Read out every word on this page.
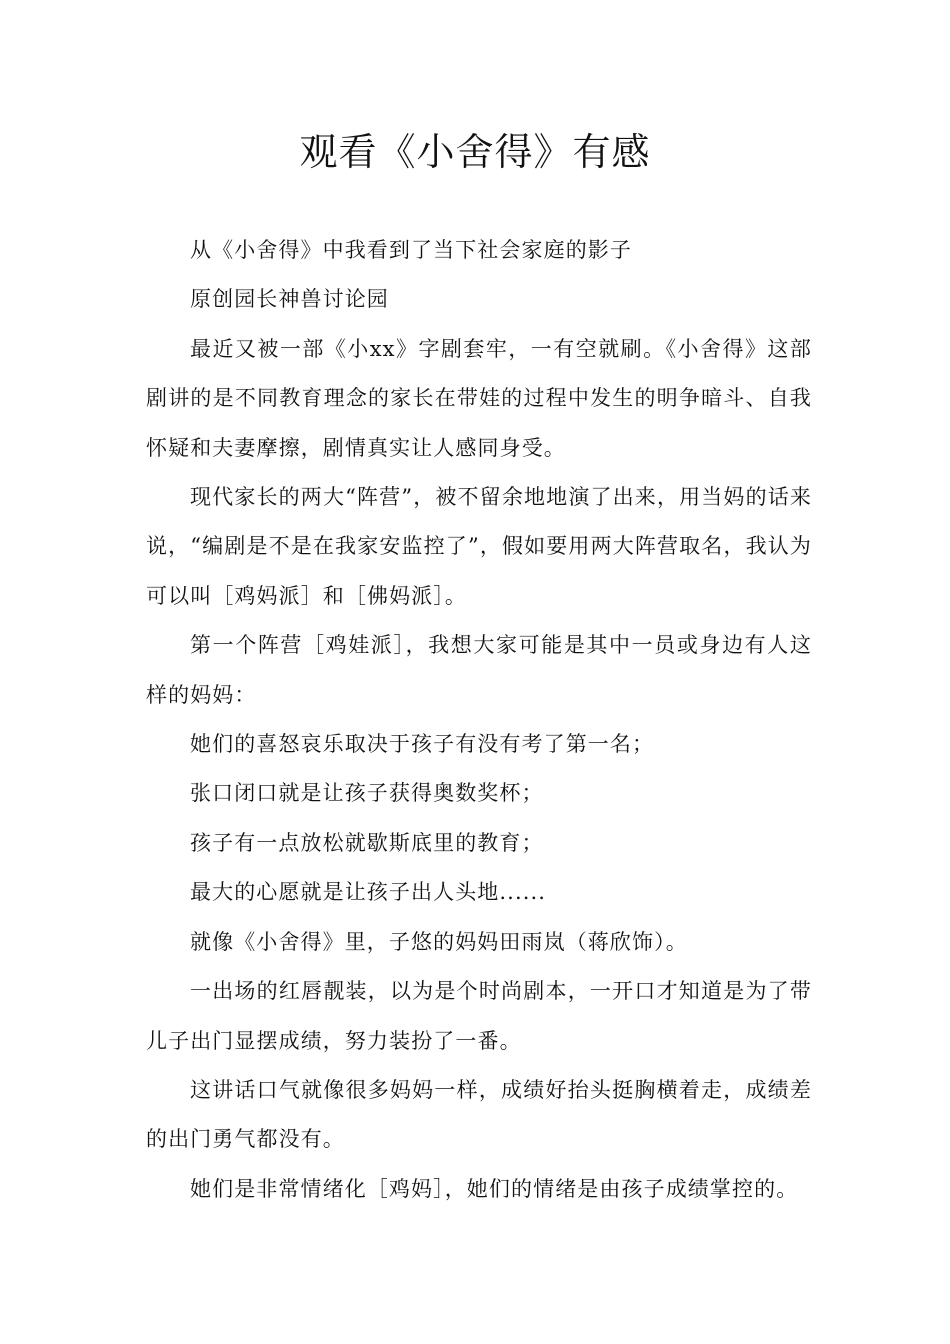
观看《小舍得》有感

从《小舍得》中我看到了当下社会家庭的影子

原创园长神兽讨论园

最近又被一部《小xx》字剧套牢，一有空就刷。《小舍得》这部剧讲的是不同教育理念的家长在带娃的过程中发生的明争暗斗、自我怀疑和夫妻摩擦，剧情真实让人感同身受。

现代家长的两大“阵营”，被不留余地地演了出来，用当妈的话来说，“编剧是不是在我家安监控了”，假如要用两大阵营取名，我认为可以叫［鸡妈派］和［佛妈派］。

第一个阵营［鸡娃派］，我想大家可能是其中一员或身边有人这样的妈妈：

她们的喜怒哀乐取决于孩子有没有考了第一名；

张口闭口就是让孩子获得奥数奖杯；

孩子有一点放松就歇斯底里的教育；

最大的心愿就是让孩子出人头地......

就像《小舍得》里，子悠的妈妈田雨岚（蒋欣饰）。

一出场的红唇靓装，以为是个时尚剧本，一开口才知道是为了带儿子出门显摆成绩，努力装扮了一番。

这讲话口气就像很多妈妈一样，成绩好抬头挺胸横着走，成绩差的出门勇气都没有。

她们是非常情绪化［鸡妈］，她们的情绪是由孩子成绩掌控的。
